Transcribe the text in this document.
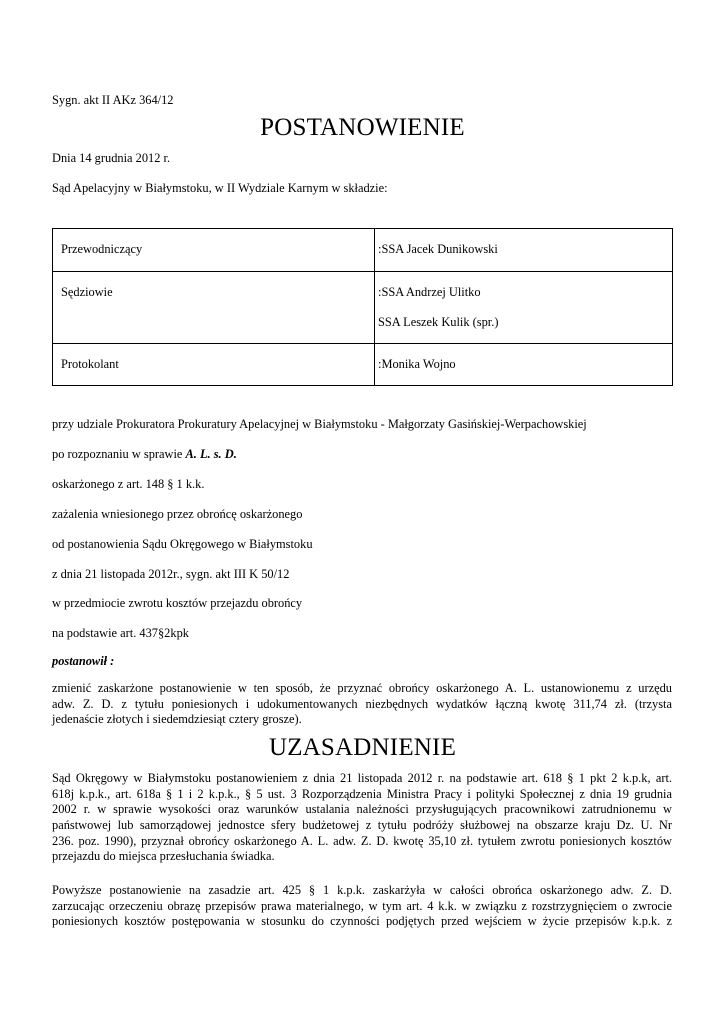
Sygn. akt II AKz 364/12
POSTANOWIENIE
Dnia 14 grudnia 2012 r.
Sąd Apelacyjny w Białymstoku, w II Wydziale Karnym w składzie:
Przewodniczący	:SSA Jacek Dunikowski
Sędziowie	:SSA Andrzej Ulitko
SSA Leszek Kulik (spr.)

Protokolant	:Monika Wojno
przy udziale Prokuratora Prokuratury Apelacyjnej w Białymstoku - Małgorzaty Gasińskiej-Werpachowskiej
po rozpoznaniu w sprawie A. L. s. D.
oskarżonego z art. 148 § 1 k.k.
zażalenia wniesionego przez obrońcę oskarżonego
od postanowienia Sądu Okręgowego w Białymstoku
z dnia 21 listopada 2012r., sygn. akt III K 50/12
w przedmiocie zwrotu kosztów przejazdu obrońcy
na podstawie art. 437§2kpk
postanowił :
zmienić zaskarżone postanowienie w ten sposób, że przyznać obrońcy oskarżonego A. L. ustanowionemu z urzędu
adw. Z. D. z tytułu poniesionych i udokumentowanych niezbędnych wydatków łączną kwotę 311,74 zł. (trzysta
jedenaście złotych i siedemdziesiąt cztery grosze).
UZASADNIENIE
Sąd Okręgowy w Białymstoku postanowieniem z dnia 21 listopada 2012 r. na podstawie art. 618 § 1 pkt 2 k.p.k, art.
618j k.p.k., art. 618a § 1 i 2 k.p.k., § 5 ust. 3 Rozporządzenia Ministra Pracy i polityki Społecznej z dnia 19 grudnia
2002 r. w sprawie wysokości oraz warunków ustalania należności przysługujących pracownikowi zatrudnionemu w
państwowej lub samorządowej jednostce sfery budżetowej z tytułu podróży służbowej na obszarze kraju Dz. U. Nr
236. poz. 1990), przyznał obrońcy oskarżonego A. L. adw. Z. D. kwotę 35,10 zł. tytułem zwrotu poniesionych kosztów
przejazdu do miejsca przesłuchania świadka.
Powyższe postanowienie na zasadzie art. 425 § 1 k.p.k. zaskarżyła w całości obrońca oskarżonego adw. Z. D.
zarzucając orzeczeniu obrazę przepisów prawa materialnego, w tym art. 4 k.k. w związku z rozstrzygnięciem o zwrocie
poniesionych kosztów postępowania w stosunku do czynności podjętych przed wejściem w życie przepisów k.p.k. z
